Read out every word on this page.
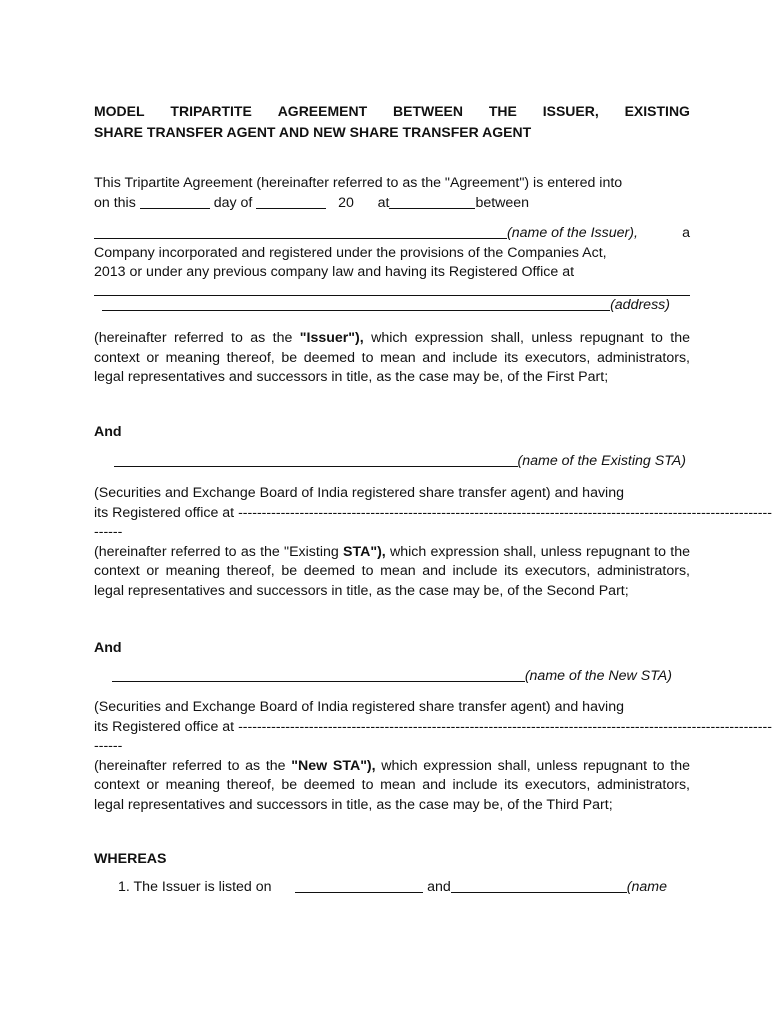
MODEL TRIPARTITE AGREEMENT BETWEEN THE ISSUER, EXISTING
SHARE TRANSFER AGENT AND NEW SHARE TRANSFER AGENT
This Tripartite Agreement (hereinafter referred to as the "Agreement") is entered into
on this	day of	20 at	between
(name of the Issuer),	a
Company incorporated and registered under the provisions of the Companies Act,
2013 or under any previous company law and having its Registered Office at
(address)
(hereinafter referred to as the "Issuer"), which expression shall, unless repugnant to the context or meaning thereof, be deemed to mean and include its executors, administrators, legal representatives and successors in title, as the case may be, of the First Part;
And
(name of the Existing STA)
(Securities and Exchange Board of India registered share transfer agent) and having
its Registered office at -----------------------------------------------------------------------------------------------------------------
------
(hereinafter referred to as the "Existing STA"), which expression shall, unless repugnant to the context or meaning thereof, be deemed to mean and include its executors, administrators, legal representatives and successors in title, as the case may be, of the Second Part;
And
(name of the New STA)
(Securities and Exchange Board of India registered share transfer agent) and having
its Registered office at -----------------------------------------------------------------------------------------------------------------
------
(hereinafter referred to as the "New STA"), which expression shall, unless repugnant to the context or meaning thereof, be deemed to mean and include its executors, administrators, legal representatives and successors in title, as the case may be, of the Third Part;
WHEREAS
1. The Issuer is listed on	and	(name
